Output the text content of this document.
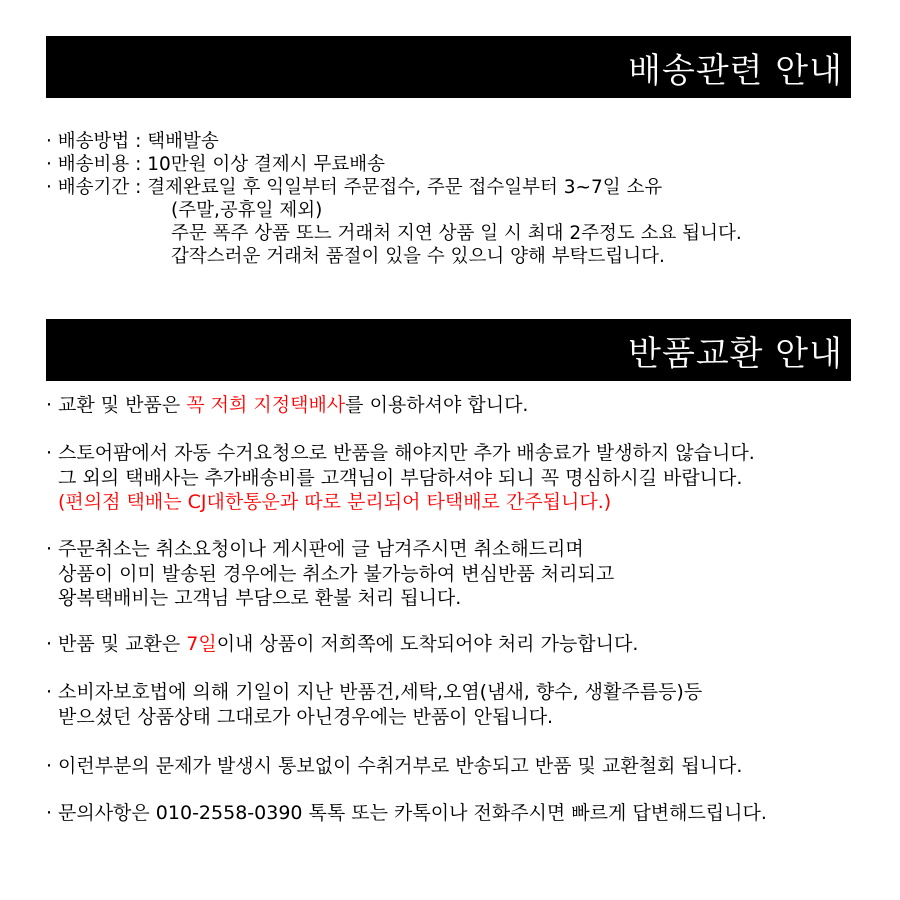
배송관련 안내
· 배송방법 : 택배발송
· 배송비용 : 10만원 이상 결제시 무료배송
· 배송기간 : 결제완료일 후 익일부터 주문접수, 주문 접수일부터 3~7일 소유
(주말,공휴일 제외)
주문 폭주 상품 또느 거래처 지연 상품 일 시 최대 2주정도 소요 됩니다.
갑작스러운 거래처 품절이 있을 수 있으니 양해 부탁드립니다.
반품교환 안내
· 교환 및 반품은 꼭 저희 지정택배사를 이용하셔야 합니다.
· 스토어팜에서 자동 수거요청으로 반품을 해야지만 추가 배송료가 발생하지 않습니다.
그 외의 택배사는 추가배송비를 고객님이 부담하셔야 되니 꼭 명심하시길 바랍니다.
(편의점 택배는 CJ대한통운과 따로 분리되어 타택배로 간주됩니다.)
· 주문취소는 취소요청이나 게시판에 글 남겨주시면 취소해드리며
상품이 이미 발송된 경우에는 취소가 불가능하여 변심반품 처리되고
왕복택배비는 고객님 부담으로 환불 처리 됩니다.
· 반품 및 교환은 7일이내 상품이 저희쪽에 도착되어야 처리 가능합니다.
· 소비자보호법에 의해 기일이 지난 반품건,세탁,오염(냄새, 향수, 생활주름등)등
받으셨던 상품상태 그대로가 아닌경우에는 반품이 안됩니다.
· 이런부분의 문제가 발생시 통보없이 수취거부로 반송되고 반품 및 교환철회 됩니다.
· 문의사항은 010-2558-0390 톡톡 또는 카톡이나 전화주시면 빠르게 답변해드립니다.
